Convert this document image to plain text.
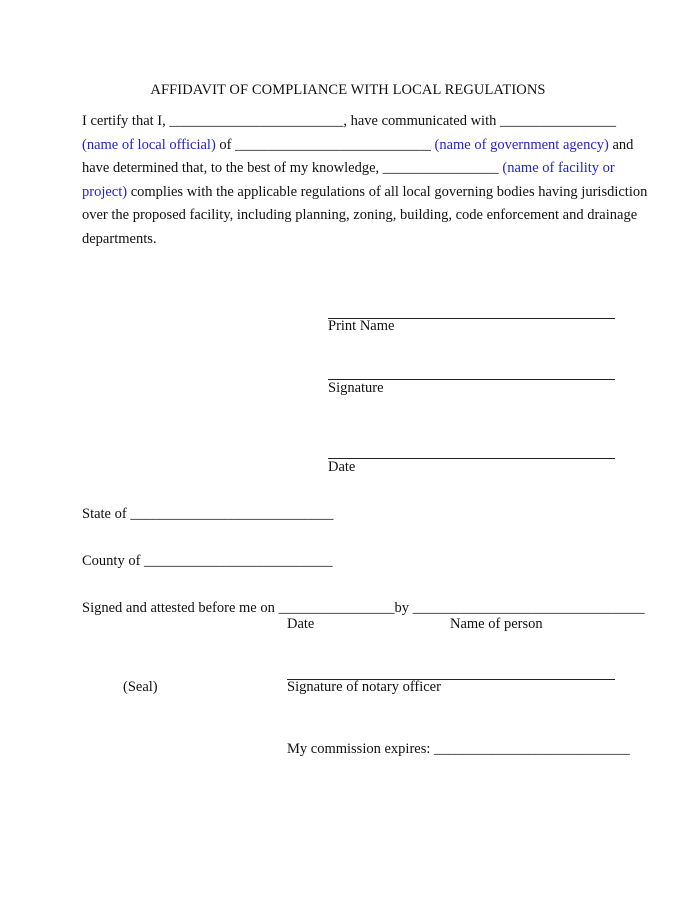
AFFIDAVIT OF COMPLIANCE WITH LOCAL REGULATIONS
I certify that I, ________________________, have communicated with ________________
(name of local official) of ___________________________ (name of government agency) and
have determined that, to the best of my knowledge, ________________ (name of facility or
project) complies with the applicable regulations of all local governing bodies having jurisdiction
over the proposed facility, including planning, zoning, building, code enforcement and drainage
departments.
Print Name
Signature
Date
State of ____________________________
County of __________________________
Signed and attested before me on ________________by ________________________________
Date	Name of person
(Seal)	Signature of notary officer
My commission expires: ___________________________
